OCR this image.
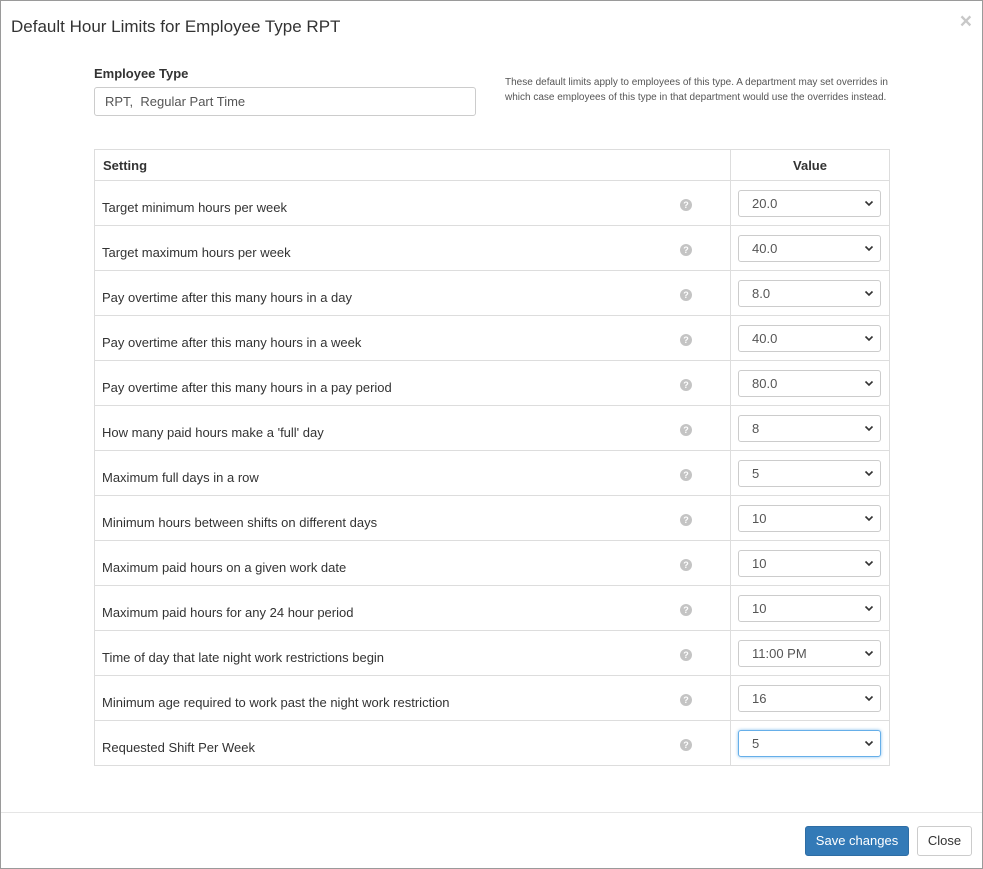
Default Hour Limits for Employee Type RPT	×
Employee Type
RPT, Regular Part Time
These default limits apply to employees of this type. A department may set overrides in which case employees of this type in that department would use the overrides instead.
Setting	Value

Target minimum hours per week ?	20.0

Target maximum hours per week ?	40.0

Pay overtime after this many hours in a day ?	8.0

Pay overtime after this many hours in a week ?	40.0

Pay overtime after this many hours in a pay period ?	80.0

How many paid hours make a 'full' day ?	8

Maximum full days in a row ?	5

Minimum hours between shifts on different days ?	10

Maximum paid hours on a given work date ?	10

Maximum paid hours for any 24 hour period ?	10

Time of day that late night work restrictions begin ?	11:00 PM

Minimum age required to work past the night work restriction ?	16

Requested Shift Per Week ?	5
Save changes	Close
